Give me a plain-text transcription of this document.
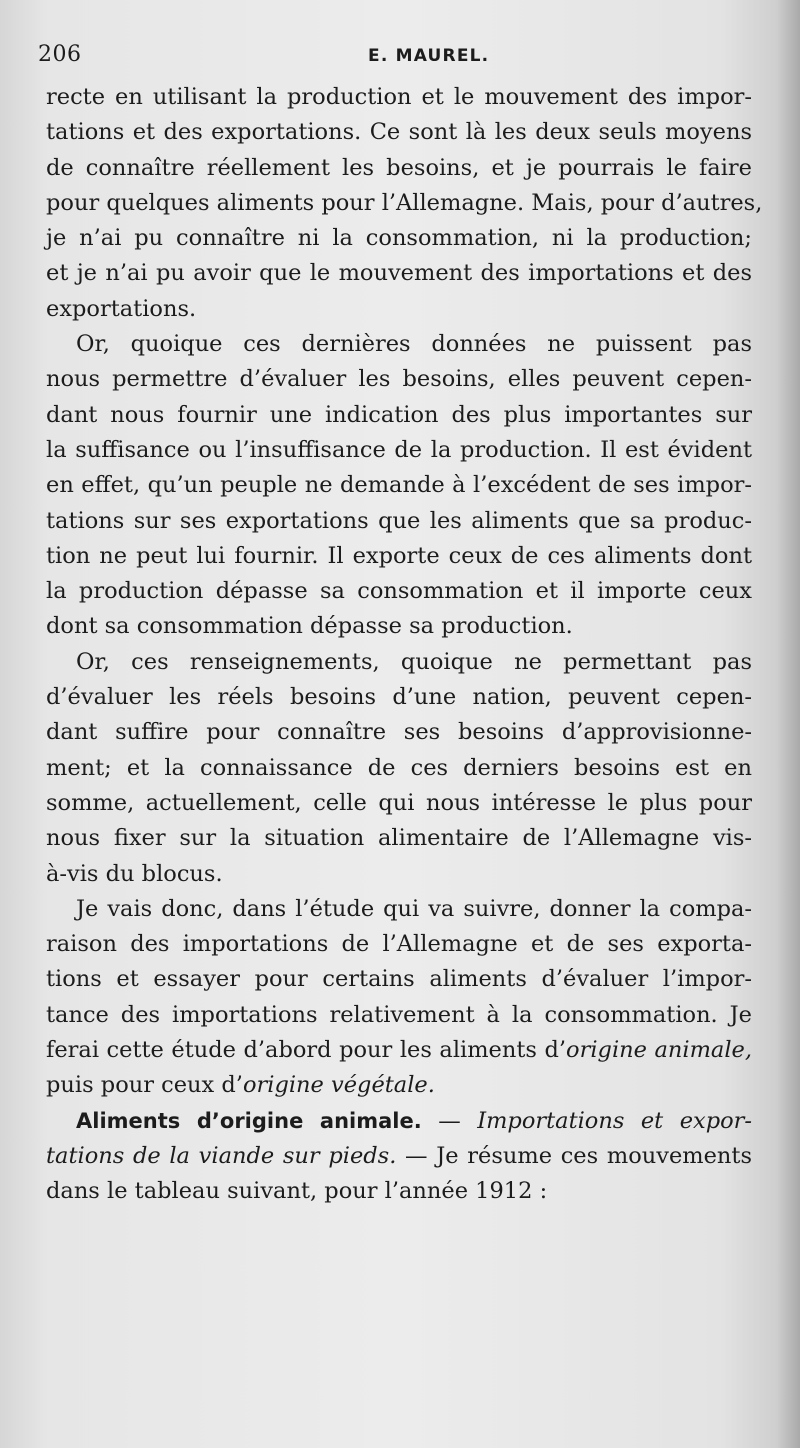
206	E. MAUREL.
recte en utilisant la production et le mouvement des impor-
tations et des exportations. Ce sont là les deux seuls moyens
de connaître réellement les besoins, et je pourrais le faire
pour quelques aliments pour l’Allemagne. Mais, pour d’autres,
je n’ai pu connaître ni la consommation, ni la production;
et je n’ai pu avoir que le mouvement des importations et des
exportations.
Or, quoique ces dernières données ne puissent pas
nous permettre d’évaluer les besoins, elles peuvent cepen-
dant nous fournir une indication des plus importantes sur
la suffisance ou l’insuffisance de la production. Il est évident
en effet, qu’un peuple ne demande à l’excédent de ses impor-
tations sur ses exportations que les aliments que sa produc-
tion ne peut lui fournir. Il exporte ceux de ces aliments dont
la production dépasse sa consommation et il importe ceux
dont sa consommation dépasse sa production.
Or, ces renseignements, quoique ne permettant pas
d’évaluer les réels besoins d’une nation, peuvent cepen-
dant suffire pour connaître ses besoins d’approvisionne-
ment; et la connaissance de ces derniers besoins est en
somme, actuellement, celle qui nous intéresse le plus pour
nous fixer sur la situation alimentaire de l’Allemagne vis-
à-vis du blocus.
Je vais donc, dans l’étude qui va suivre, donner la compa-
raison des importations de l’Allemagne et de ses exporta-
tions et essayer pour certains aliments d’évaluer l’impor-
tance des importations relativement à la consommation. Je
ferai cette étude d’abord pour les aliments d’origine animale,
puis pour ceux d’origine végétale.
Aliments d’origine animale. — Importations et expor-
tations de la viande sur pieds. — Je résume ces mouvements
dans le tableau suivant, pour l’année 1912 :
